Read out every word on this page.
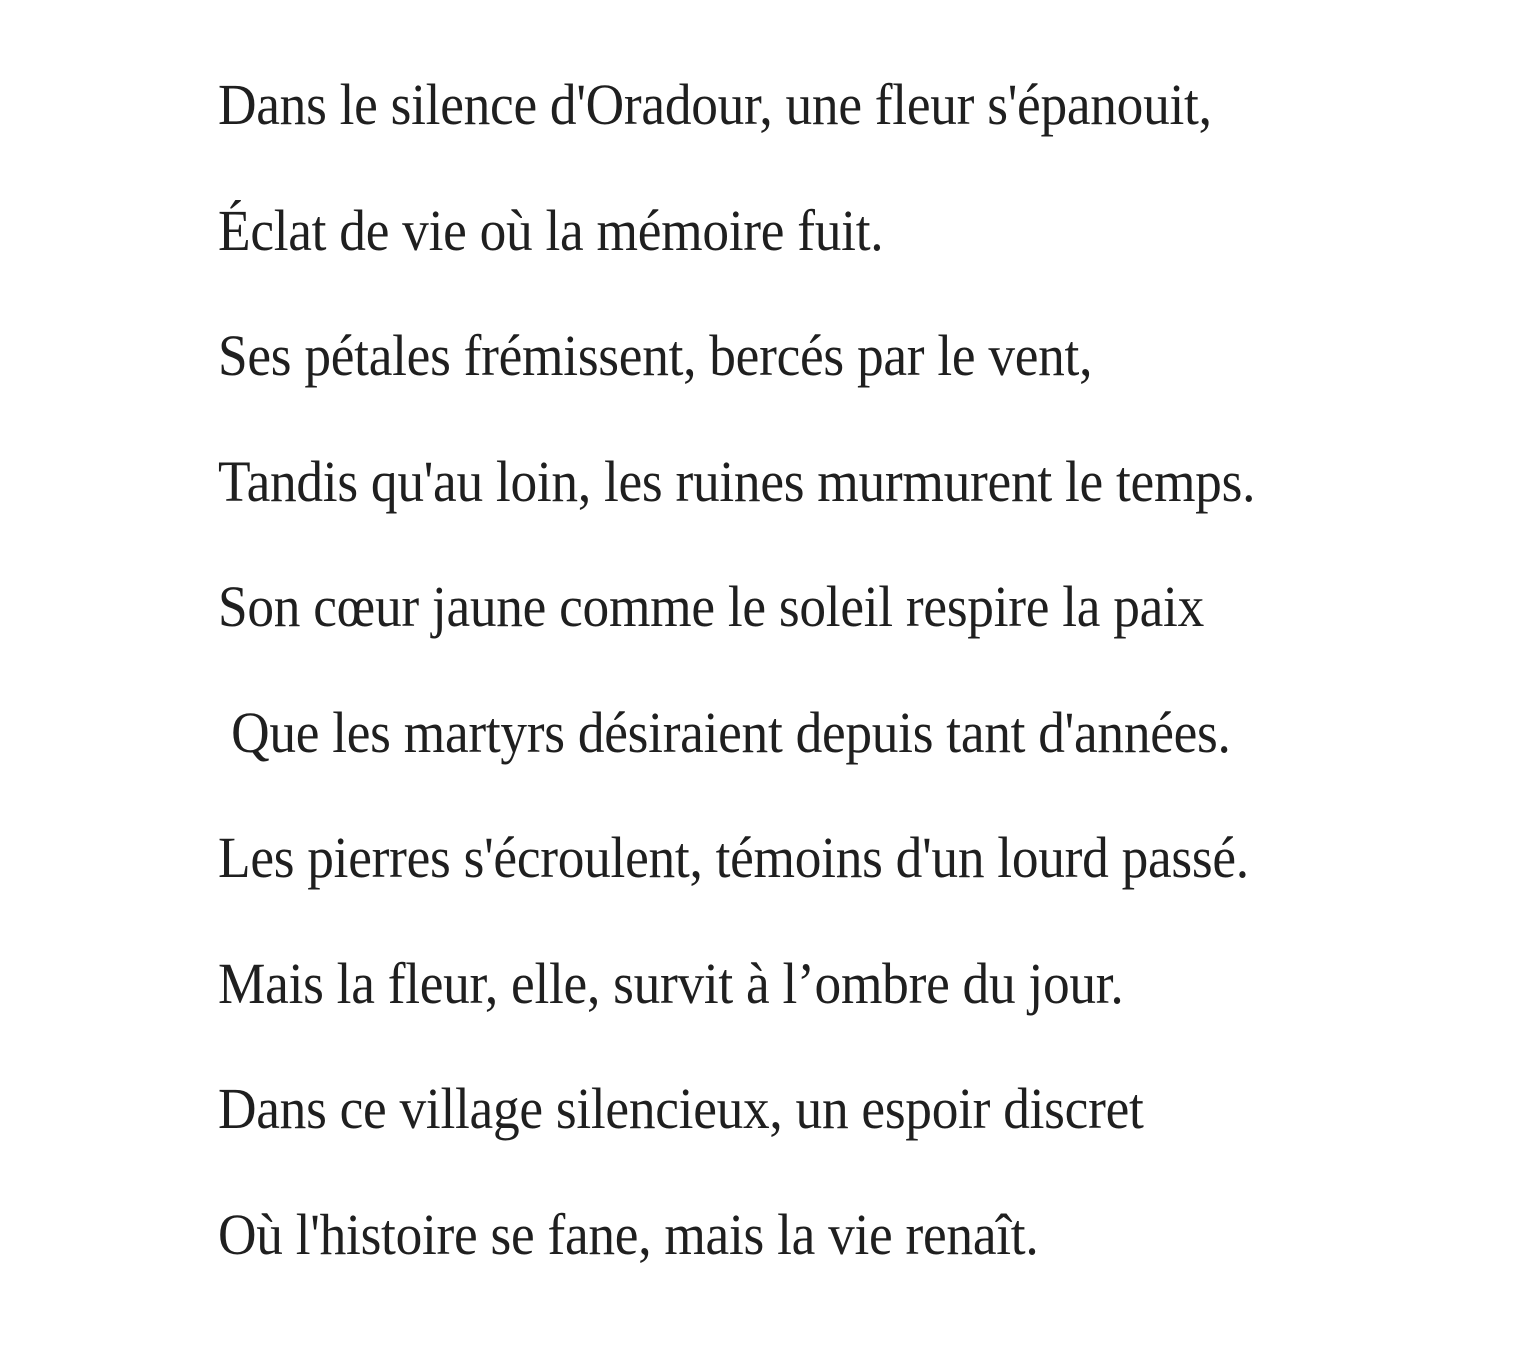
Dans le silence d'Oradour, une fleur s'épanouit,

Éclat de vie où la mémoire fuit.

Ses pétales frémissent, bercés par le vent,

Tandis qu'au loin, les ruines murmurent le temps.

Son cœur jaune comme le soleil respire la paix

Que les martyrs désiraient depuis tant d'années.

Les pierres s'écroulent, témoins d'un lourd passé.

Mais la fleur, elle, survit à l’ombre du jour.

Dans ce village silencieux, un espoir discret

Où l'histoire se fane, mais la vie renaît.
